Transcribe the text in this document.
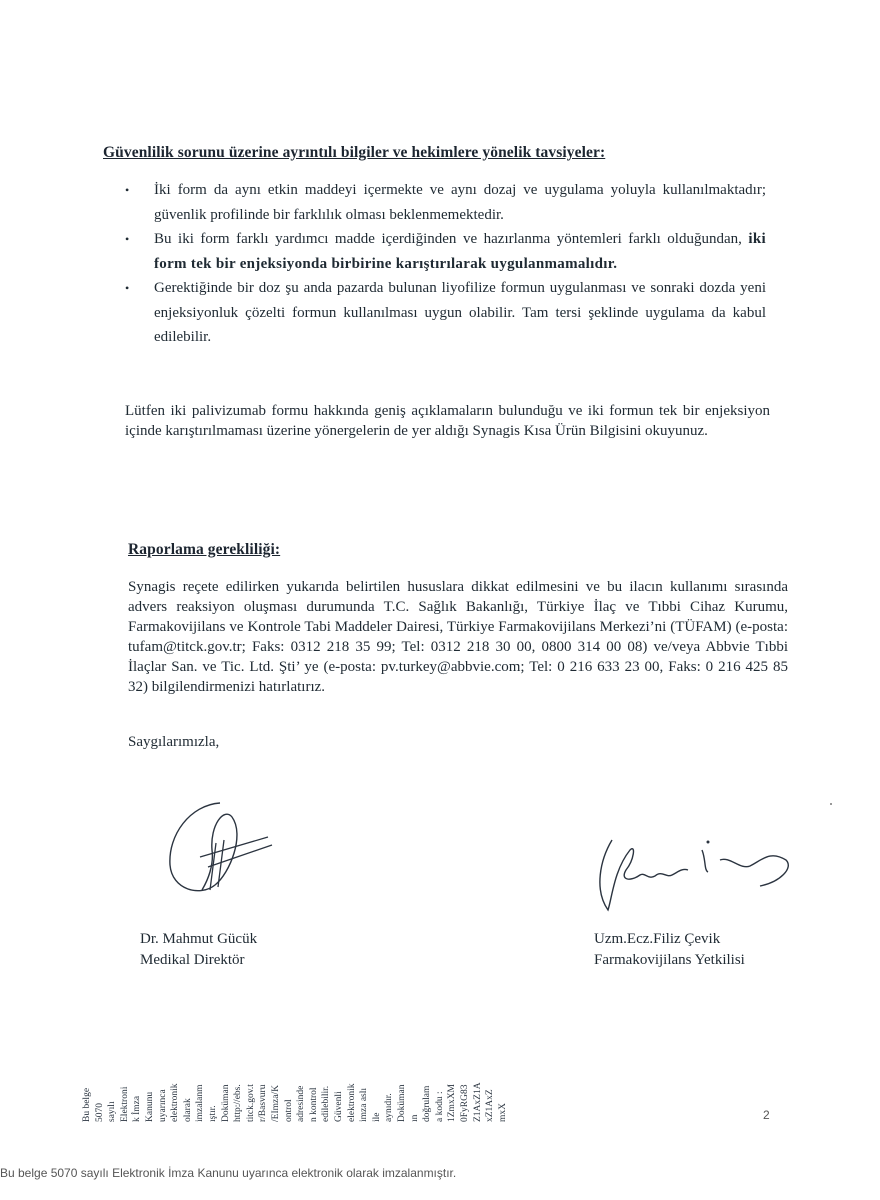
Güvenlilik sorunu üzerine ayrıntılı bilgiler ve hekimlere yönelik tavsiyeler:
• İki form da aynı etkin maddeyi içermekte ve aynı dozaj ve uygulama yoluyla kullanılmaktadır; güvenlik profilinde bir farklılık olması beklenmemektedir.
• Bu iki form farklı yardımcı madde içerdiğinden ve hazırlanma yöntemleri farklı olduğundan, iki form tek bir enjeksiyonda birbirine karıştırılarak uygulanmamalıdır.
• Gerektiğinde bir doz şu anda pazarda bulunan liyofilize formun uygulanması ve sonraki dozda yeni enjeksiyonluk çözelti formun kullanılması uygun olabilir. Tam tersi şeklinde uygulama da kabul edilebilir.

Lütfen iki palivizumab formu hakkında geniş açıklamaların bulunduğu ve iki formun tek bir enjeksiyon içinde karıştırılmaması üzerine yönergelerin de yer aldığı Synagis Kısa Ürün Bilgisini okuyunuz.

Raporlama gerekliliği:

Synagis reçete edilirken yukarıda belirtilen hususlara dikkat edilmesini ve bu ilacın kullanımı sırasında advers reaksiyon oluşması durumunda T.C. Sağlık Bakanlığı, Türkiye İlaç ve Tıbbi Cihaz Kurumu, Farmakovijilans ve Kontrole Tabi Maddeler Dairesi, Türkiye Farmakovijilans Merkezi’ni (TÜFAM) (e-posta: tufam@titck.gov.tr; Faks: 0312 218 35 99; Tel: 0312 218 30 00, 0800 314 00 08) ve/veya Abbvie Tıbbi İlaçlar San. ve Tic. Ltd. Şti’ ye (e-posta: pv.turkey@abbvie.com; Tel: 0 216 633 23 00, Faks: 0 216 425 85 32) bilgilendirmenizi hatırlatırız.

Saygılarımızla,

Dr. Mahmut Gücük
Medikal Direktör
Uzm.Ecz.Filiz Çevik
Farmakovijilans Yetkilisi
Bu belge 5070 sayılı Elektroni k İmza Kanunu uyarınca elektronik olarak imzalanm ıştır. Doküman http://ebs. titck.gov.t r/Basvuru /EImza/K ontrol adresinde n kontrol edilebilir. Güvenli elektronik imza aslı ile aynıdır. Doküman ın doğrulam a kodu : 1ZmxXM 0FyRG83 Z1AxZ1A xZ1AxZ mxX	2
Bu belge 5070 sayılı Elektronik İmza Kanunu uyarınca elektronik olarak imzalanmıştır.
